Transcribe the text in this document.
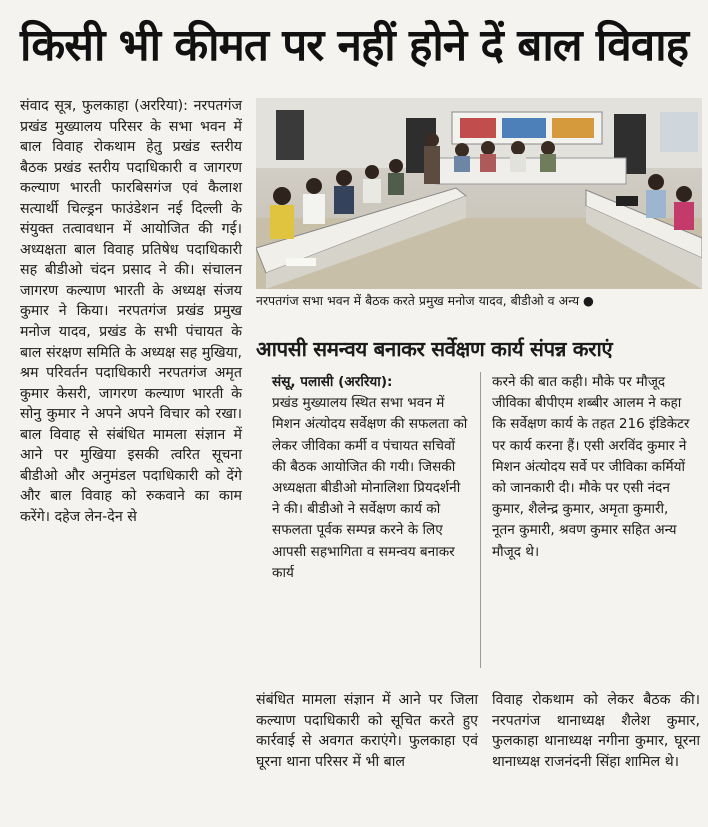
किसी भी कीमत पर नहीं होने दें बाल विवाह
संवाद सूत्र, फुलकाहा (अररिया): नरपतगंज प्रखंड मुख्यालय परिसर के सभा भवन में बाल विवाह रोकथाम हेतु प्रखंड स्तरीय बैठक प्रखंड स्तरीय पदाधिकारी व जागरण कल्याण भारती फारबिसगंज एवं कैलाश सत्यार्थी चिल्ड्रन फाउंडेशन नई दिल्ली के संयुक्त तत्वावधान में आयोजित की गई। अध्यक्षता बाल विवाह प्रतिषेध पदाधिकारी सह बीडीओ चंदन प्रसाद ने की। संचालन जागरण कल्याण भारती के अध्यक्ष संजय कुमार ने किया। नरपतगंज प्रखंड प्रमुख मनोज यादव, प्रखंड के सभी पंचायत के बाल संरक्षण समिति के अध्यक्ष सह मुखिया, श्रम परिवर्तन पदाधिकारी नरपतगंज अमृत कुमार केसरी, जागरण कल्याण भारती के सोनु कुमार ने अपने अपने विचार को रखा। बाल विवाह से संबंधित मामला संज्ञान में आने पर मुखिया इसकी त्वरित सूचना बीडीओ और अनुमंडल पदाधिकारी को देंगे और बाल विवाह को रुकवाने का काम करेंगे। दहेज लेन-देन से
नरपतगंज सभा भवन में बैठक करते प्रमुख मनोज यादव, बीडीओ व अन्य ●
आपसी समन्वय बनाकर सर्वेक्षण कार्य संपन्न कराएं
संसू, पलासी (अररिया):
प्रखंड मुख्यालय स्थित सभा भवन में मिशन अंत्योदय सर्वेक्षण की सफलता को लेकर जीविका कर्मी व पंचायत सचिवों की बैठक आयोजित की गयी। जिसकी अध्यक्षता बीडीओ मोनालिशा प्रियदर्शनी ने की। बीडीओ ने सर्वेक्षण कार्य को सफलता पूर्वक सम्पन्न करने के लिए आपसी सहभागिता व समन्वय बनाकर कार्य
करने की बात कही। मौके पर मौजूद जीविका बीपीएम शब्बीर आलम ने कहा कि सर्वेक्षण कार्य के तहत 216 इंडिकेटर पर कार्य करना हैं। एसी अरविंद कुमार ने मिशन अंत्योदय सर्वे पर जीविका कर्मियों को जानकारी दी। मौके पर एसी नंदन कुमार, शैलेन्द्र कुमार, अमृता कुमारी, नूतन कुमारी, श्रवण कुमार सहित अन्य मौजूद थे।
संबंधित मामला संज्ञान में आने पर जिला कल्याण पदाधिकारी को सूचित करते हुए कार्रवाई से अवगत कराएंगे। फुलकाहा एवं घूरना थाना परिसर में भी बाल
विवाह रोकथाम को लेकर बैठक की। नरपतगंज थानाध्यक्ष शैलेश कुमार, फुलकाहा थानाध्यक्ष नगीना कुमार, घूरना थानाध्यक्ष राजनंदनी सिंहा शामिल थे।
